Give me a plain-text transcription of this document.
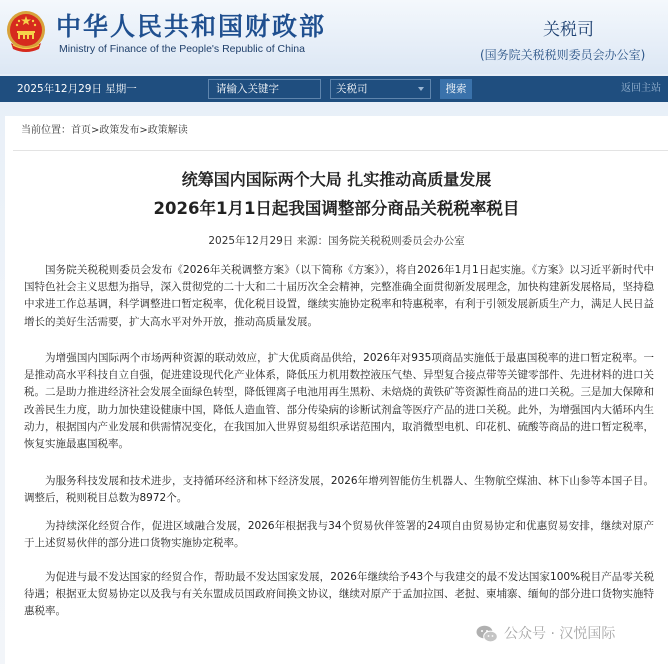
中华人民共和国财政部
Ministry of Finance of the People's Republic of China
关税司
(国务院关税税则委员会办公室)
2025年12月29日 星期一	请输入关键字	关税司	搜索	返回主站
当前位置：首页>政策发布>政策解读
统筹国内国际两个大局 扎实推动高质量发展
2026年1月1日起我国调整部分商品关税税率税目
2025年12月29日 来源：国务院关税税则委员会办公室

国务院关税税则委员会发布《2026年关税调整方案》（以下简称《方案》），将自2026年1月1日起实施。《方案》以习近平新时代中国特色社会主义思想为指导，深入贯彻党的二十大和二十届历次全会精神，完整准确全面贯彻新发展理念，加快构建新发展格局，坚持稳中求进工作总基调，科学调整进口暂定税率，优化税目设置，继续实施协定税率和特惠税率，有利于引领发展新质生产力，满足人民日益增长的美好生活需要，扩大高水平对外开放，推动高质量发展。

为增强国内国际两个市场两种资源的联动效应，扩大优质商品供给，2026年对935项商品实施低于最惠国税率的进口暂定税率。一是推动高水平科技自立自强，促进建设现代化产业体系，降低压力机用数控液压气垫、异型复合接点带等关键零部件、先进材料的进口关税。二是助力推进经济社会发展全面绿色转型，降低锂离子电池用再生黑粉、未焙烧的黄铁矿等资源性商品的进口关税。三是加大保障和改善民生力度，助力加快建设健康中国，降低人造血管、部分传染病的诊断试剂盒等医疗产品的进口关税。此外，为增强国内大循环内生动力，根据国内产业发展和供需情况变化，在我国加入世界贸易组织承诺范围内，取消微型电机、印花机、硫酸等商品的进口暂定税率，恢复实施最惠国税率。

为服务科技发展和技术进步，支持循环经济和林下经济发展，2026年增列智能仿生机器人、生物航空煤油、林下山参等本国子目。调整后，税则税目总数为8972个。

为持续深化经贸合作，促进区域融合发展，2026年根据我与34个贸易伙伴签署的24项自由贸易协定和优惠贸易安排，继续对原产于上述贸易伙伴的部分进口货物实施协定税率。

为促进与最不发达国家的经贸合作，帮助最不发达国家发展，2026年继续给予43个与我建交的最不发达国家100%税目产品零关税待遇；根据亚太贸易协定以及我与有关东盟成员国政府间换文协议，继续对原产于孟加拉国、老挝、柬埔寨、缅甸的部分进口货物实施特惠税率。

公众号 · 汉悦国际
